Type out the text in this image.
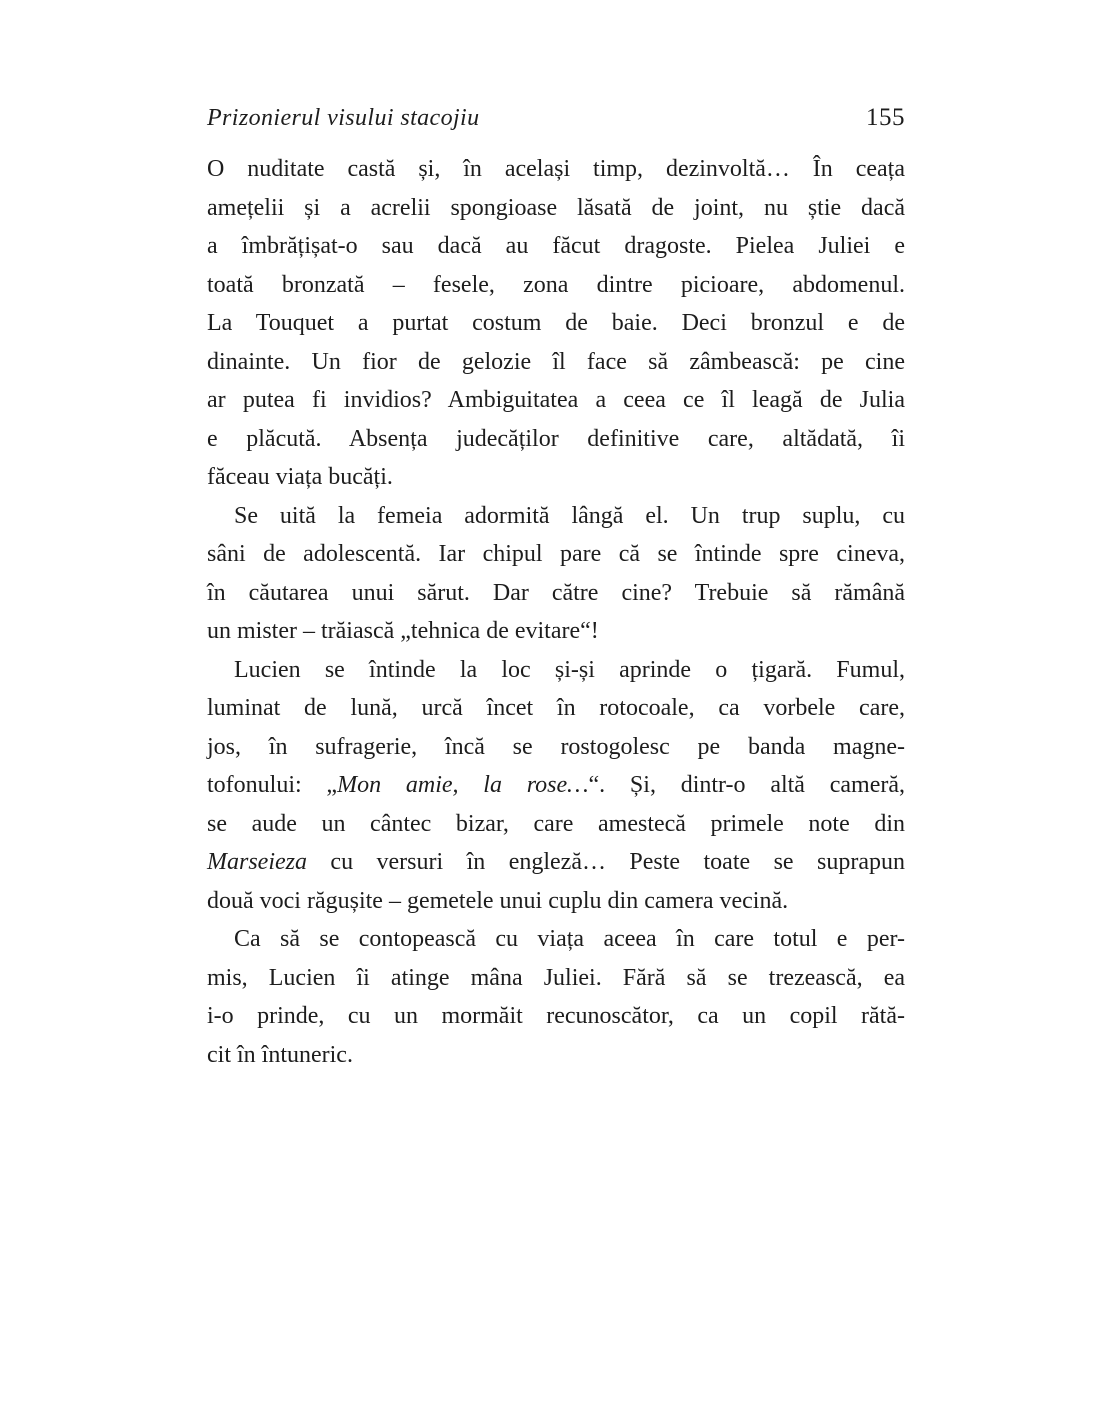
Prizonierul visului stacojiu	155
O nuditate castă și, în același timp, dezinvoltă… În ceața
amețelii și a acrelii spongioase lăsată de joint, nu știe dacă
a îmbrățișat-o sau dacă au făcut dragoste. Pielea Juliei e
toată bronzată – fesele, zona dintre picioare, abdomenul.
La Touquet a purtat costum de baie. Deci bronzul e de
dinainte. Un fior de gelozie îl face să zâmbească: pe cine
ar putea fi invidios? Ambiguitatea a ceea ce îl leagă de Julia
e plăcută. Absența judecăților definitive care, altădată, îi
făceau viața bucăți.
Se uită la femeia adormită lângă el. Un trup suplu, cu
sâni de adolescentă. Iar chipul pare că se întinde spre cineva,
în căutarea unui sărut. Dar către cine? Trebuie să rămână
un mister – trăiască „tehnica de evitare“!
Lucien se întinde la loc și-și aprinde o țigară. Fumul,
luminat de lună, urcă încet în rotocoale, ca vorbele care,
jos, în sufragerie, încă se rostogolesc pe banda magne-
tofonului: „Mon amie, la rose…“. Și, dintr-o altă cameră,
se aude un cântec bizar, care amestecă primele note din
Marseieza cu versuri în engleză… Peste toate se suprapun
două voci răgușite – gemetele unui cuplu din camera vecină.
Ca să se contopească cu viața aceea în care totul e per-
mis, Lucien îi atinge mâna Juliei. Fără să se trezească, ea
i-o prinde, cu un mormăit recunoscător, ca un copil rătă-
cit în întuneric.
